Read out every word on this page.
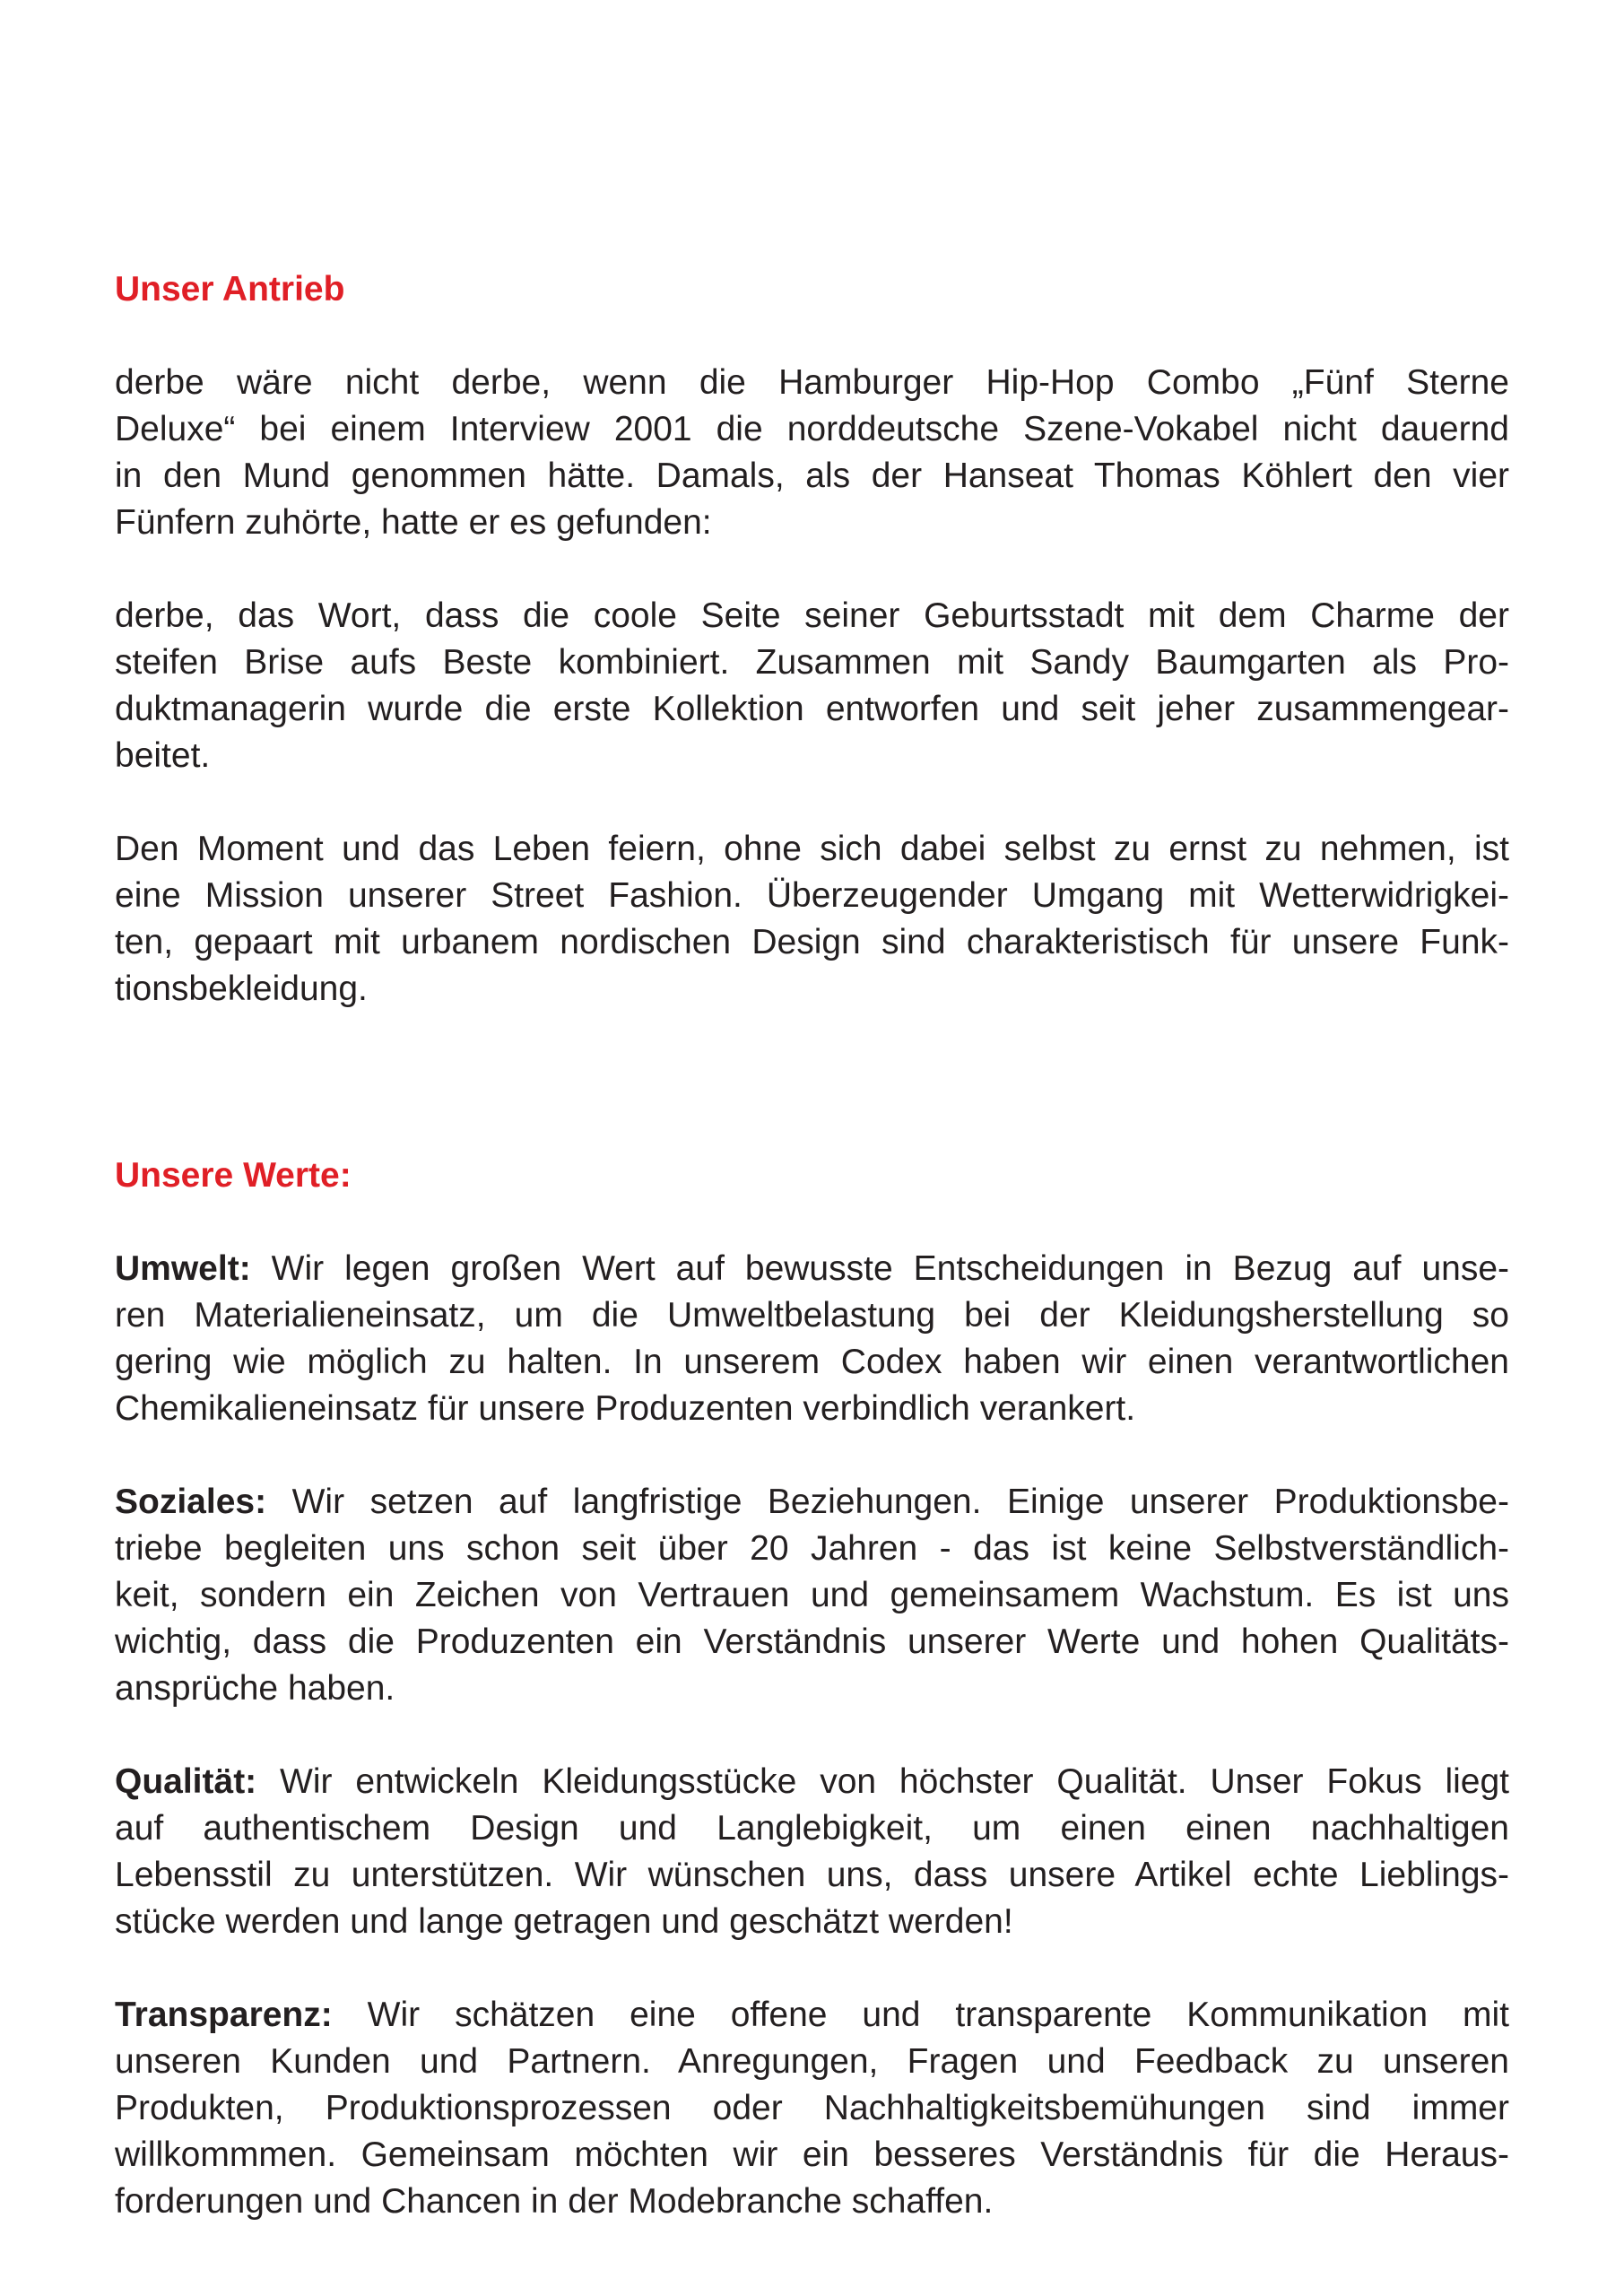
Unser Antrieb
derbe wäre nicht derbe, wenn die Hamburger Hip-Hop Combo „Fünf Sterne
Deluxe“ bei einem Interview 2001 die norddeutsche Szene-Vokabel nicht dauernd
in den Mund genommen hätte. Damals, als der Hanseat Thomas Köhlert den vier
Fünfern zuhörte, hatte er es gefunden:
derbe, das Wort, dass die coole Seite seiner Geburtsstadt mit dem Charme der
steifen Brise aufs Beste kombiniert. Zusammen mit Sandy Baumgarten als Pro-
duktmanagerin wurde die erste Kollektion entworfen und seit jeher zusammengear-
beitet.
Den Moment und das Leben feiern, ohne sich dabei selbst zu ernst zu nehmen, ist
eine Mission unserer Street Fashion. Überzeugender Umgang mit Wetterwidrigkei-
ten, gepaart mit urbanem nordischen Design sind charakteristisch für unsere Funk-
tionsbekleidung.
Unsere Werte:
Umwelt: Wir legen großen Wert auf bewusste Entscheidungen in Bezug auf unse-
ren Materialieneinsatz, um die Umweltbelastung bei der Kleidungsherstellung so
gering wie möglich zu halten. In unserem Codex haben wir einen verantwortlichen
Chemikalieneinsatz für unsere Produzenten verbindlich verankert.
Soziales: Wir setzen auf langfristige Beziehungen. Einige unserer Produktionsbe-
triebe begleiten uns schon seit über 20 Jahren - das ist keine Selbstverständlich-
keit, sondern ein Zeichen von Vertrauen und gemeinsamem Wachstum. Es ist uns
wichtig, dass die Produzenten ein Verständnis unserer Werte und hohen Qualitäts-
ansprüche haben.
Qualität: Wir entwickeln Kleidungsstücke von höchster Qualität. Unser Fokus liegt
auf authentischem Design und Langlebigkeit, um einen einen nachhaltigen
Lebensstil zu unterstützen. Wir wünschen uns, dass unsere Artikel echte Lieblings-
stücke werden und lange getragen und geschätzt werden!
Transparenz: Wir schätzen eine offene und transparente Kommunikation mit
unseren Kunden und Partnern. Anregungen, Fragen und Feedback zu unseren
Produkten, Produktionsprozessen oder Nachhaltigkeitsbemühungen sind immer
willkommmen. Gemeinsam möchten wir ein besseres Verständnis für die Heraus-
forderungen und Chancen in der Modebranche schaffen.
